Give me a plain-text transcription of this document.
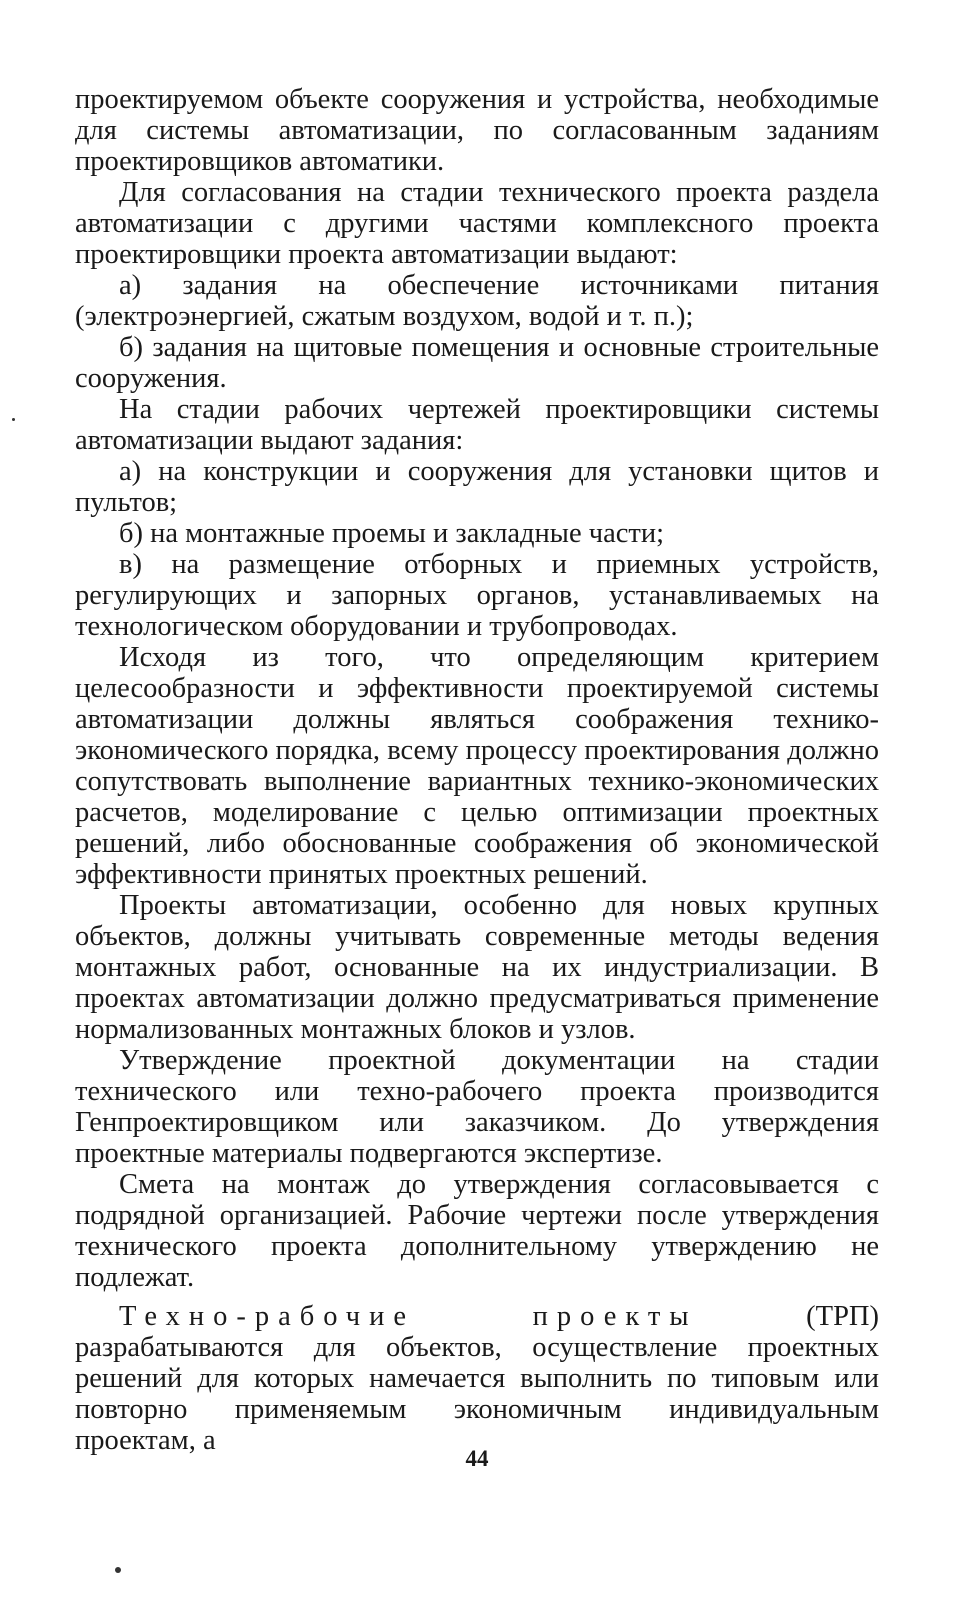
проектируемом объекте сооружения и устройства, необходимые для системы автоматизации, по согласованным заданиям проектировщиков автоматики.

Для согласования на стадии технического проекта раздела автоматизации с другими частями комплексного проекта проектировщики проекта автоматизации выдают:

а) задания на обеспечение источниками питания (электроэнергией, сжатым воздухом, водой и т. п.);

б) задания на щитовые помещения и основные строительные сооружения.

На стадии рабочих чертежей проектировщики системы автоматизации выдают задания:

а) на конструкции и сооружения для установки щитов и пультов;

б) на монтажные проемы и закладные части;

в) на размещение отборных и приемных устройств, регулирующих и запорных органов, устанавливаемых на технологическом оборудовании и трубопроводах.

Исходя из того, что определяющим критерием целесообразности и эффективности проектируемой системы автоматизации должны являться соображения технико-экономического порядка, всему процессу проектирования должно сопутствовать выполнение вариантных технико-экономических расчетов, моделирование с целью оптимизации проектных решений, либо обоснованные соображения об экономической эффективности принятых проектных решений.

Проекты автоматизации, особенно для новых крупных объектов, должны учитывать современные методы ведения монтажных работ, основанные на их индустриализации. В проектах автоматизации должно предусматриваться применение нормализованных монтажных блоков и узлов.

Утверждение проектной документации на стадии технического или техно-рабочего проекта производится Генпроектировщиком или заказчиком. До утверждения проектные материалы подвергаются экспертизе.

Смета на монтаж до утверждения согласовывается с подрядной организацией. Рабочие чертежи после утверждения технического проекта дополнительному утверждению не подлежат.

Техно-рабочие проекты (ТРП) разрабатываются для объектов, осуществление проектных решений для которых намечается выполнить по типовым или повторно применяемым экономичным индивидуальным проектам, а

44
